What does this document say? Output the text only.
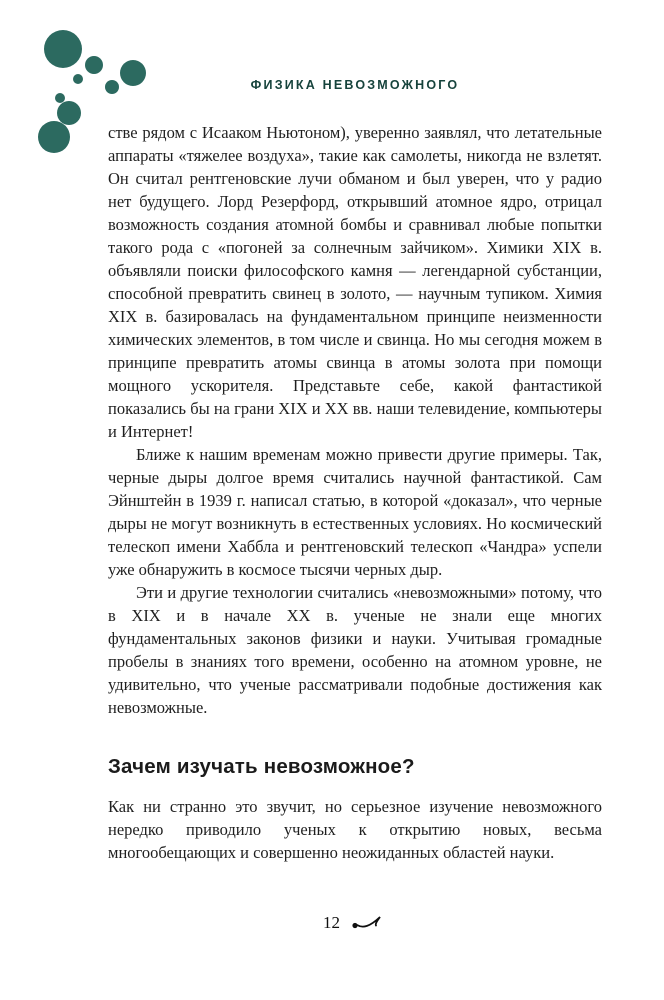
ФИЗИКА НЕВОЗМОЖНОГО

стве рядом с Исааком Ньютоном), уверенно заявлял, что летательные аппараты «тяжелее воздуха», такие как самолеты, никогда не взлетят. Он считал рентгеновские лучи обманом и был уверен, что у радио нет будущего. Лорд Резерфорд, открывший атомное ядро, отрицал возможность создания атомной бомбы и сравнивал любые попытки такого рода с «погоней за солнечным зайчиком». Химики XIX в. объявляли поиски философского камня — легендарной субстанции, способной превратить свинец в золото, — научным тупиком. Химия XIX в. базировалась на фундаментальном принципе неизменности химических элементов, в том числе и свинца. Но мы сегодня можем в принципе превратить атомы свинца в атомы золота при помощи мощного ускорителя. Представьте себе, какой фантастикой показались бы на грани XIX и XX вв. наши телевидение, компьютеры и Интернет!

Ближе к нашим временам можно привести другие примеры. Так, черные дыры долгое время считались научной фантастикой. Сам Эйнштейн в 1939 г. написал статью, в которой «доказал», что черные дыры не могут возникнуть в естественных условиях. Но космический телескоп имени Хаббла и рентгеновский телескоп «Чандра» успели уже обнаружить в космосе тысячи черных дыр.

Эти и другие технологии считались «невозможными» потому, что в XIX и в начале XX в. ученые не знали еще многих фундаментальных законов физики и науки. Учитывая громадные пробелы в знаниях того времени, особенно на атомном уровне, не удивительно, что ученые рассматривали подобные достижения как невозможные.

Зачем изучать невозможное?

Как ни странно это звучит, но серьезное изучение невозможного нередко приводило ученых к открытию новых, весьма многообещающих и совершенно неожиданных областей науки.

12
